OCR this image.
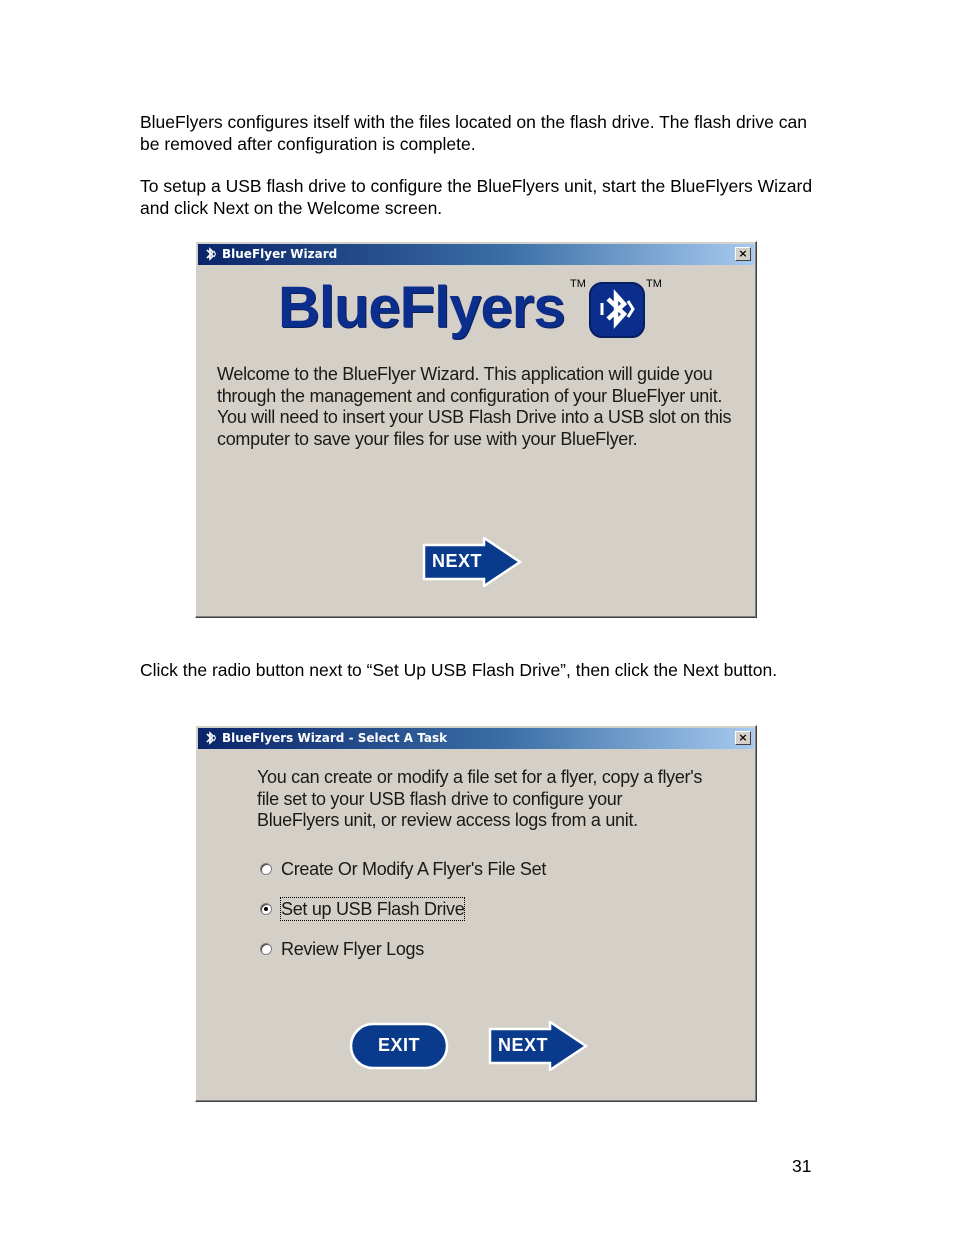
BlueFlyers configures itself with the files located on the flash drive. The flash drive can be removed after configuration is complete.

To setup a USB flash drive to configure the BlueFlyers unit, start the BlueFlyers Wizard and click Next on the Welcome screen.

BlueFlyer Wizard	×
BlueFlyers TM	TM
Welcome to the BlueFlyer Wizard. This application will guide you through the management and configuration of your BlueFlyer unit. You will need to insert your USB Flash Drive into a USB slot on this computer to save your files for use with your BlueFlyer.
NEXT

Click the radio button next to “Set Up USB Flash Drive”, then click the Next button.

BlueFlyers Wizard - Select A Task	×
You can create or modify a file set for a flyer, copy a flyer's file set to your USB flash drive to configure your BlueFlyers unit, or review access logs from a unit.
Create Or Modify A Flyer's File Set
Set up USB Flash Drive
Review Flyer Logs
EXIT	NEXT
31
